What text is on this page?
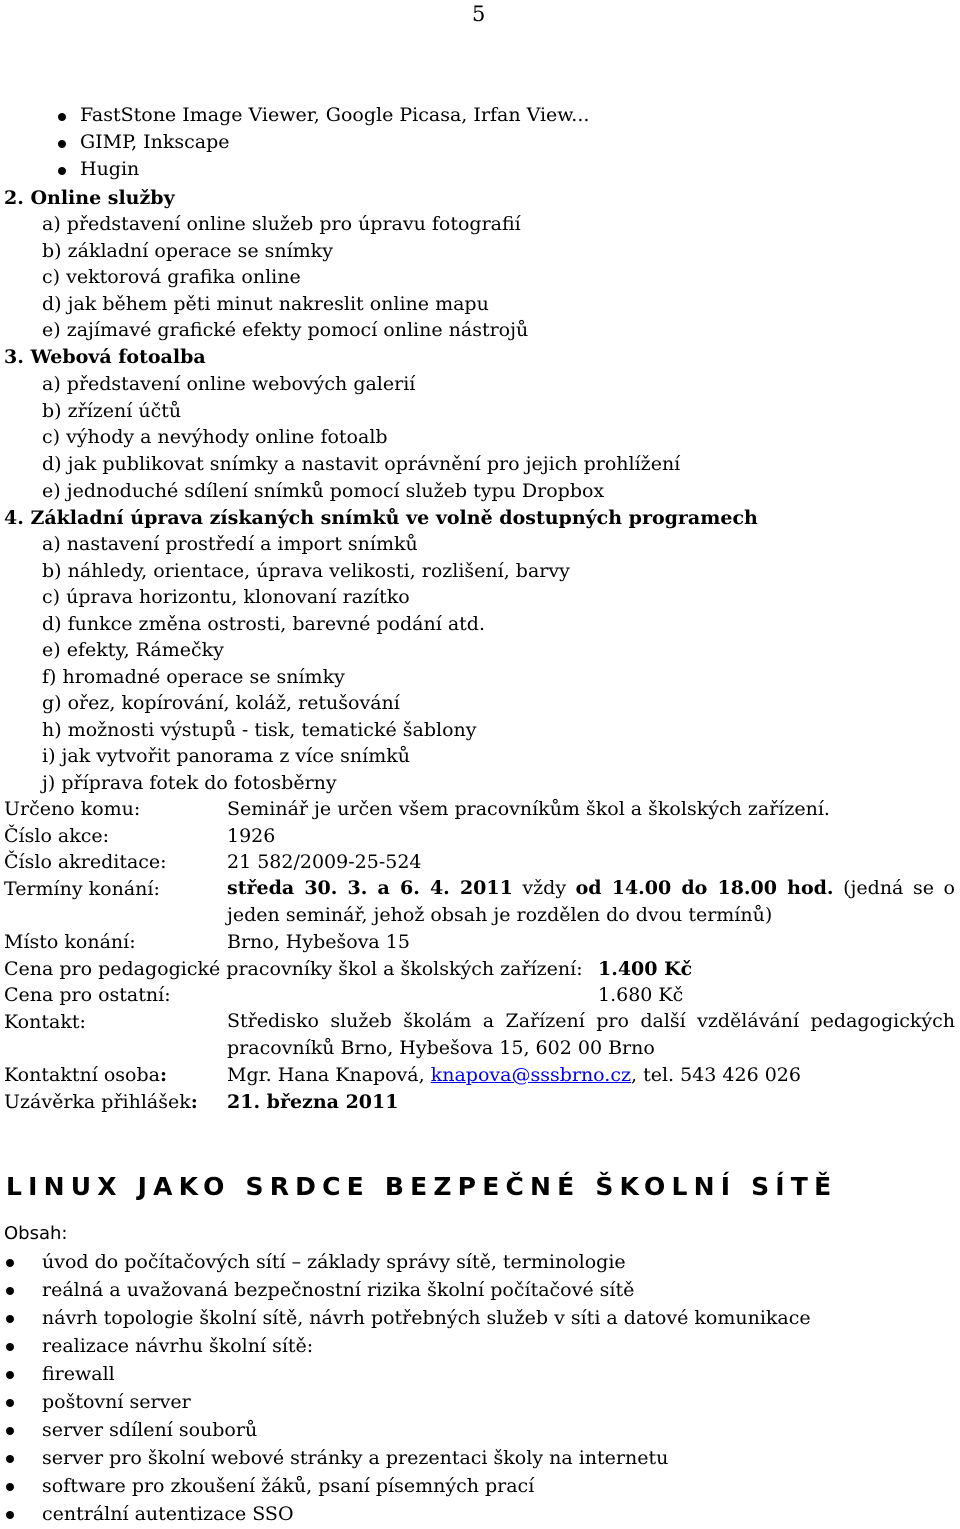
5
FastStone Image Viewer, Google Picasa, Irfan View...
GIMP, Inkscape
Hugin
2. Online služby
a) představení online služeb pro úpravu fotografií
b) základní operace se snímky
c) vektorová grafika online
d) jak během pěti minut nakreslit online mapu
e) zajímavé grafické efekty pomocí online nástrojů
3. Webová fotoalba
a) představení online webových galerií
b) zřízení účtů
c) výhody a nevýhody online fotoalb
d) jak publikovat snímky a nastavit oprávnění pro jejich prohlížení
e) jednoduché sdílení snímků pomocí služeb typu Dropbox
4. Základní úprava získaných snímků ve volně dostupných programech
a) nastavení prostředí a import snímků
b) náhledy, orientace, úprava velikosti, rozlišení, barvy
c) úprava horizontu, klonovaní razítko
d) funkce změna ostrosti, barevné podání atd.
e) efekty, Rámečky
f) hromadné operace se snímky
g) ořez, kopírování, koláž, retušování
h) možnosti výstupů - tisk, tematické šablony
i) jak vytvořit panorama z více snímků
j) příprava fotek do fotosběrny
Určeno komu:	Seminář je určen všem pracovníkům škol a školských zařízení.
Číslo akce:	1926
Číslo akreditace:	21 582/2009-25-524
Termíny konání:	středa 30. 3. a 6. 4. 2011 vždy od 14.00 do 18.00 hod. (jedná se o jeden seminář, jehož obsah je rozdělen do dvou termínů)
Místo konání:	Brno, Hybešova 15
Cena pro pedagogické pracovníky škol a školských zařízení: 1.400 Kč
Cena pro ostatní:	1.680 Kč
Kontakt:	Středisko služeb školám a Zařízení pro další vzdělávání pedagogických pracovníků Brno, Hybešova 15, 602 00 Brno
Kontaktní osoba:	Mgr. Hana Knapová, knapova@sssbrno.cz, tel. 543 426 026
Uzávěrka přihlášek: 21. března 2011
LINUX JAKO SRDCE BEZPEČNÉ ŠKOLNÍ SÍTĚ
Obsah:
úvod do počítačových sítí – základy správy sítě, terminologie
reálná a uvažovaná bezpečnostní rizika školní počítačové sítě
návrh topologie školní sítě, návrh potřebných služeb v síti a datové komunikace
realizace návrhu školní sítě:
firewall
poštovní server
server sdílení souborů
server pro školní webové stránky a prezentaci školy na internetu
software pro zkoušení žáků, psaní písemných prací
centrální autentizace SSO
